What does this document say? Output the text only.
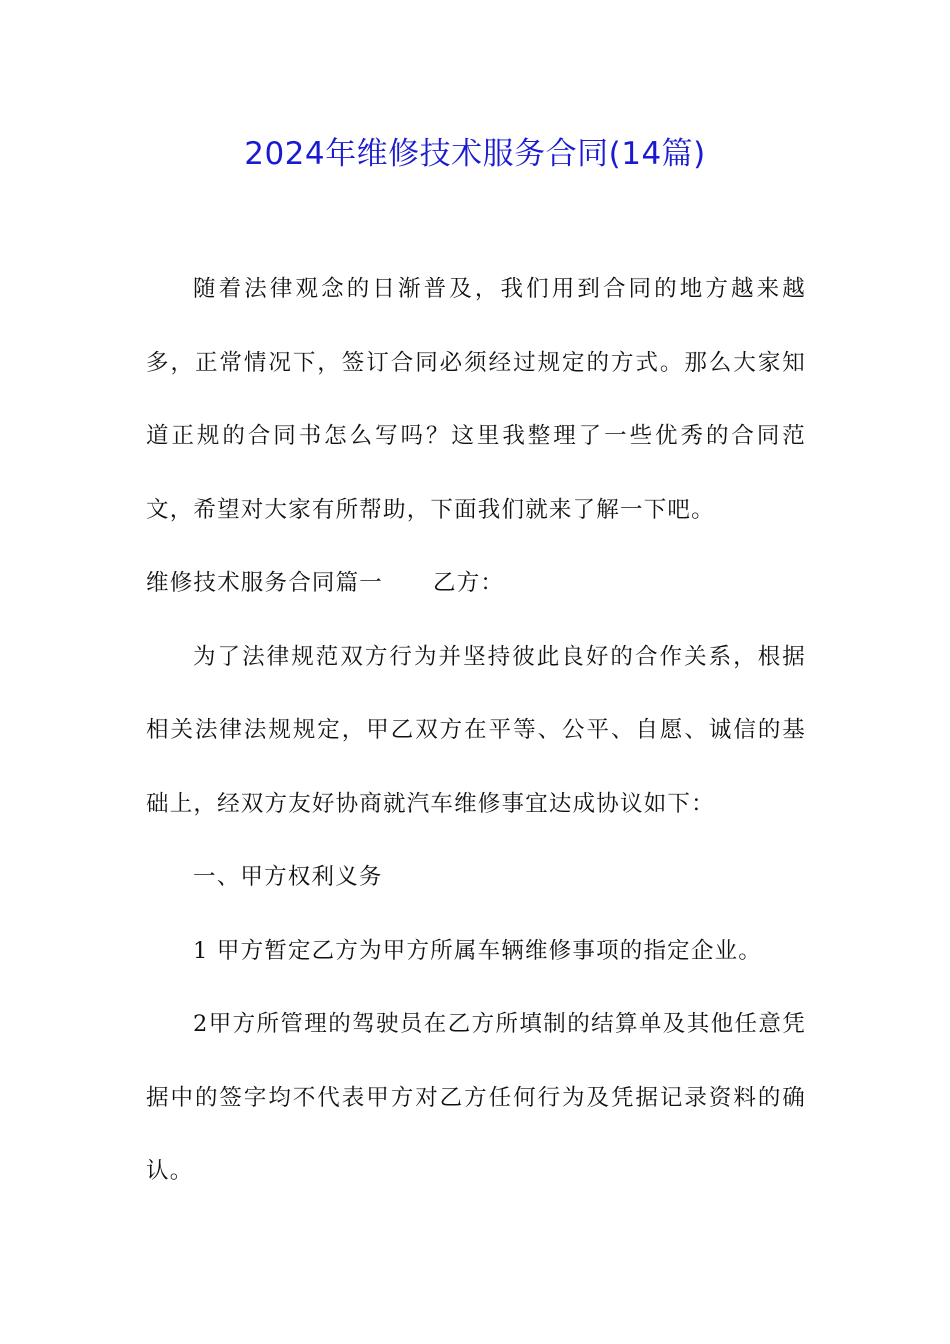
2024年维修技术服务合同(14篇)

随着法律观念的日渐普及，我们用到合同的地方越来越多，正常情况下，签订合同必须经过规定的方式。那么大家知道正规的合同书怎么写吗？这里我整理了一些优秀的合同范文，希望对大家有所帮助，下面我们就来了解一下吧。

维修技术服务合同篇一 乙方：

为了法律规范双方行为并坚持彼此良好的合作关系，根据相关法律法规规定，甲乙双方在平等、公平、自愿、诚信的基础上，经双方友好协商就汽车维修事宜达成协议如下：

一、甲方权利义务

1 甲方暂定乙方为甲方所属车辆维修事项的指定企业。

2甲方所管理的驾驶员在乙方所填制的结算单及其他任意凭据中的签字均不代表甲方对乙方任何行为及凭据记录资料的确认。
